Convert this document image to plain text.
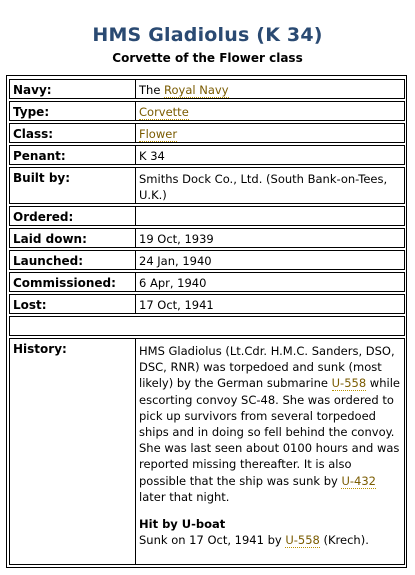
HMS Gladiolus (K 34)
Corvette of the Flower class
Navy:	The Royal Navy
Type:	Corvette
Class:	Flower
Penant:	K 34
Built by:	Smiths Dock Co., Ltd. (South Bank-on-Tees, U.K.)
Ordered:
Laid down:	19 Oct, 1939
Launched:	24 Jan, 1940
Commissioned:	6 Apr, 1940
Lost:	17 Oct, 1941
History:	HMS Gladiolus (Lt.Cdr. H.M.C. Sanders, DSO, DSC, RNR) was torpedoed and sunk (most likely) by the German submarine U-558 while escorting convoy SC-48. She was ordered to pick up survivors from several torpedoed ships and in doing so fell behind the convoy. She was last seen about 0100 hours and was reported missing thereafter. It is also possible that the ship was sunk by U-432 later that night.
Hit by U-boat
Sunk on 17 Oct, 1941 by U-558 (Krech).
